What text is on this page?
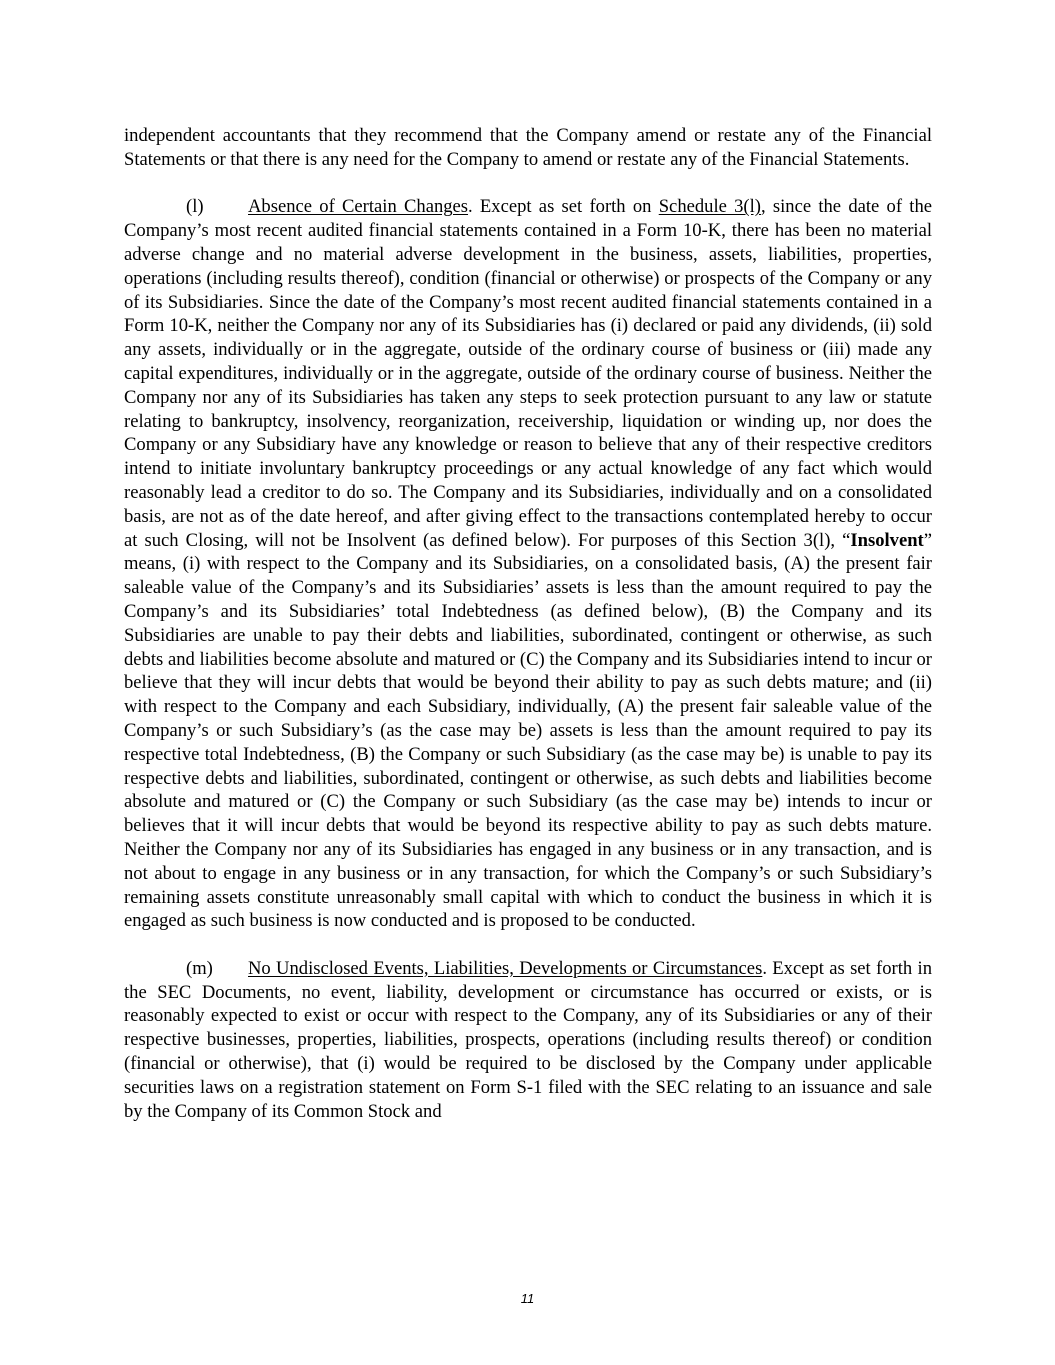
independent accountants that they recommend that the Company amend or restate any of the Financial Statements or that there is any need for the Company to amend or restate any of the Financial Statements.

(l) Absence of Certain Changes. Except as set forth on Schedule 3(l), since the date of the Company’s most recent audited financial statements contained in a Form 10-K, there has been no material adverse change and no material adverse development in the business, assets, liabilities, properties, operations (including results thereof), condition (financial or otherwise) or prospects of the Company or any of its Subsidiaries. Since the date of the Company’s most recent audited financial statements contained in a Form 10-K, neither the Company nor any of its Subsidiaries has (i) declared or paid any dividends, (ii) sold any assets, individually or in the aggregate, outside of the ordinary course of business or (iii) made any capital expenditures, individually or in the aggregate, outside of the ordinary course of business. Neither the Company nor any of its Subsidiaries has taken any steps to seek protection pursuant to any law or statute relating to bankruptcy, insolvency, reorganization, receivership, liquidation or winding up, nor does the Company or any Subsidiary have any knowledge or reason to believe that any of their respective creditors intend to initiate involuntary bankruptcy proceedings or any actual knowledge of any fact which would reasonably lead a creditor to do so. The Company and its Subsidiaries, individually and on a consolidated basis, are not as of the date hereof, and after giving effect to the transactions contemplated hereby to occur at such Closing, will not be Insolvent (as defined below). For purposes of this Section 3(l), “Insolvent” means, (i) with respect to the Company and its Subsidiaries, on a consolidated basis, (A) the present fair saleable value of the Company’s and its Subsidiaries’ assets is less than the amount required to pay the Company’s and its Subsidiaries’ total Indebtedness (as defined below), (B) the Company and its Subsidiaries are unable to pay their debts and liabilities, subordinated, contingent or otherwise, as such debts and liabilities become absolute and matured or (C) the Company and its Subsidiaries intend to incur or believe that they will incur debts that would be beyond their ability to pay as such debts mature; and (ii) with respect to the Company and each Subsidiary, individually, (A) the present fair saleable value of the Company’s or such Subsidiary’s (as the case may be) assets is less than the amount required to pay its respective total Indebtedness, (B) the Company or such Subsidiary (as the case may be) is unable to pay its respective debts and liabilities, subordinated, contingent or otherwise, as such debts and liabilities become absolute and matured or (C) the Company or such Subsidiary (as the case may be) intends to incur or believes that it will incur debts that would be beyond its respective ability to pay as such debts mature. Neither the Company nor any of its Subsidiaries has engaged in any business or in any transaction, and is not about to engage in any business or in any transaction, for which the Company’s or such Subsidiary’s remaining assets constitute unreasonably small capital with which to conduct the business in which it is engaged as such business is now conducted and is proposed to be conducted.

(m) No Undisclosed Events, Liabilities, Developments or Circumstances. Except as set forth in the SEC Documents, no event, liability, development or circumstance has occurred or exists, or is reasonably expected to exist or occur with respect to the Company, any of its Subsidiaries or any of their respective businesses, properties, liabilities, prospects, operations (including results thereof) or condition (financial or otherwise), that (i) would be required to be disclosed by the Company under applicable securities laws on a registration statement on Form S-1 filed with the SEC relating to an issuance and sale by the Company of its Common Stock and

11
